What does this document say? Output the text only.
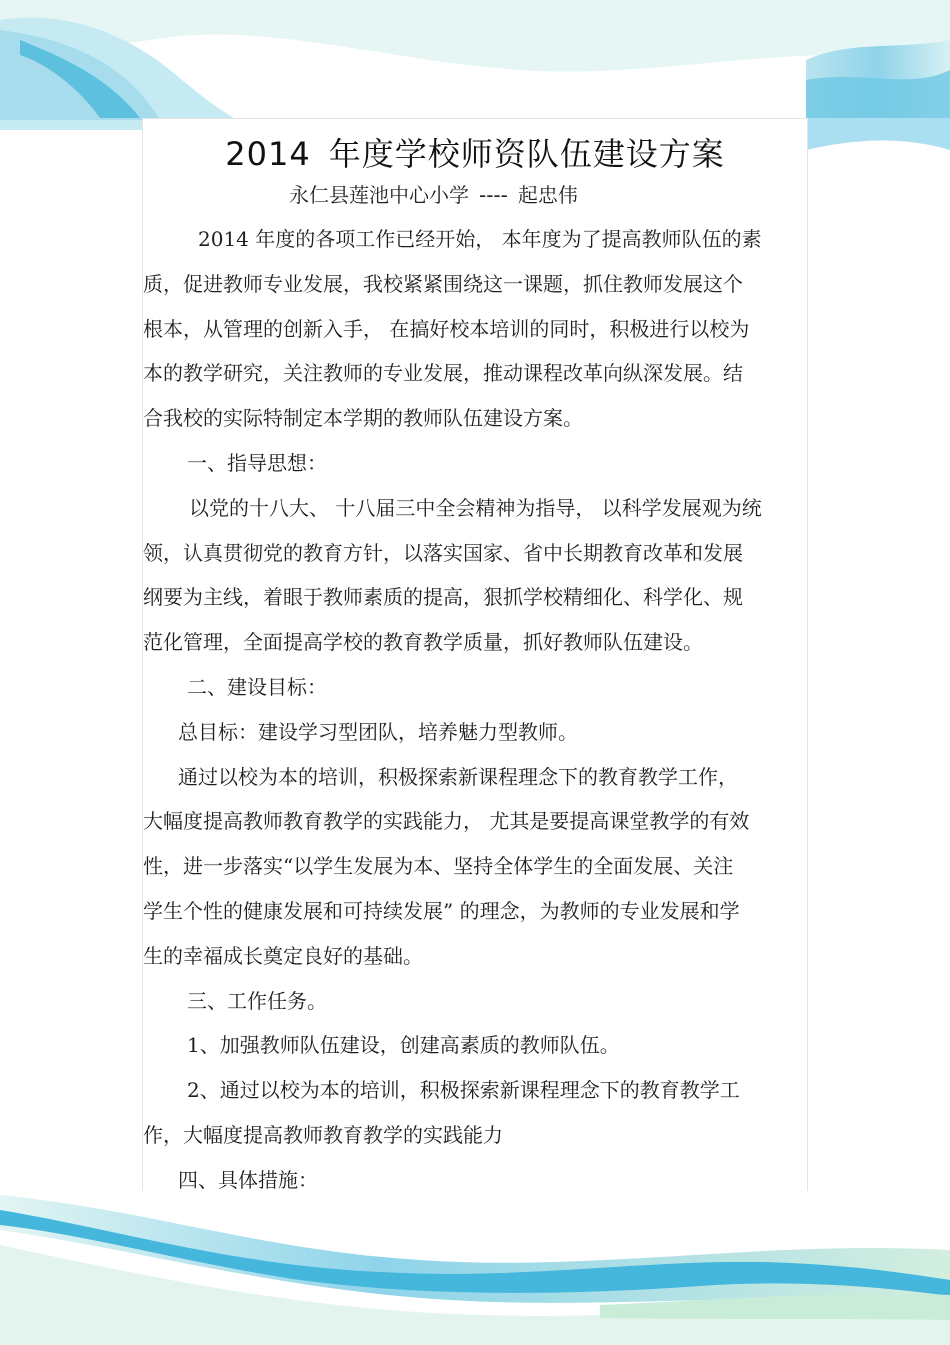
2014 年度学校师资队伍建设方案
永仁县莲池中心小学 ---- 起忠伟
2014 年度的各项工作已经开始， 本年度为了提高教师队伍的素
质，促进教师专业发展，我校紧紧围绕这一课题，抓住教师发展这个
根本，从管理的创新入手， 在搞好校本培训的同时，积极进行以校为
本的教学研究，关注教师的专业发展，推动课程改革向纵深发展。结
合我校的实际特制定本学期的教师队伍建设方案。
一、指导思想：
以党的十八大、 十八届三中全会精神为指导， 以科学发展观为统
领，认真贯彻党的教育方针，以落实国家、省中长期教育改革和发展
纲要为主线，着眼于教师素质的提高，狠抓学校精细化、科学化、规
范化管理，全面提高学校的教育教学质量，抓好教师队伍建设。
二、建设目标：
总目标：建设学习型团队，培养魅力型教师。
通过以校为本的培训，积极探索新课程理念下的教育教学工作，
大幅度提高教师教育教学的实践能力， 尤其是要提高课堂教学的有效
性，进一步落实“以学生发展为本、坚持全体学生的全面发展、关注
学生个性的健康发展和可持续发展” 的理念，为教师的专业发展和学
生的幸福成长奠定良好的基础。
三、工作任务。
1、加强教师队伍建设，创建高素质的教师队伍。
2、通过以校为本的培训，积极探索新课程理念下的教育教学工
作，大幅度提高教师教育教学的实践能力
四、具体措施：
